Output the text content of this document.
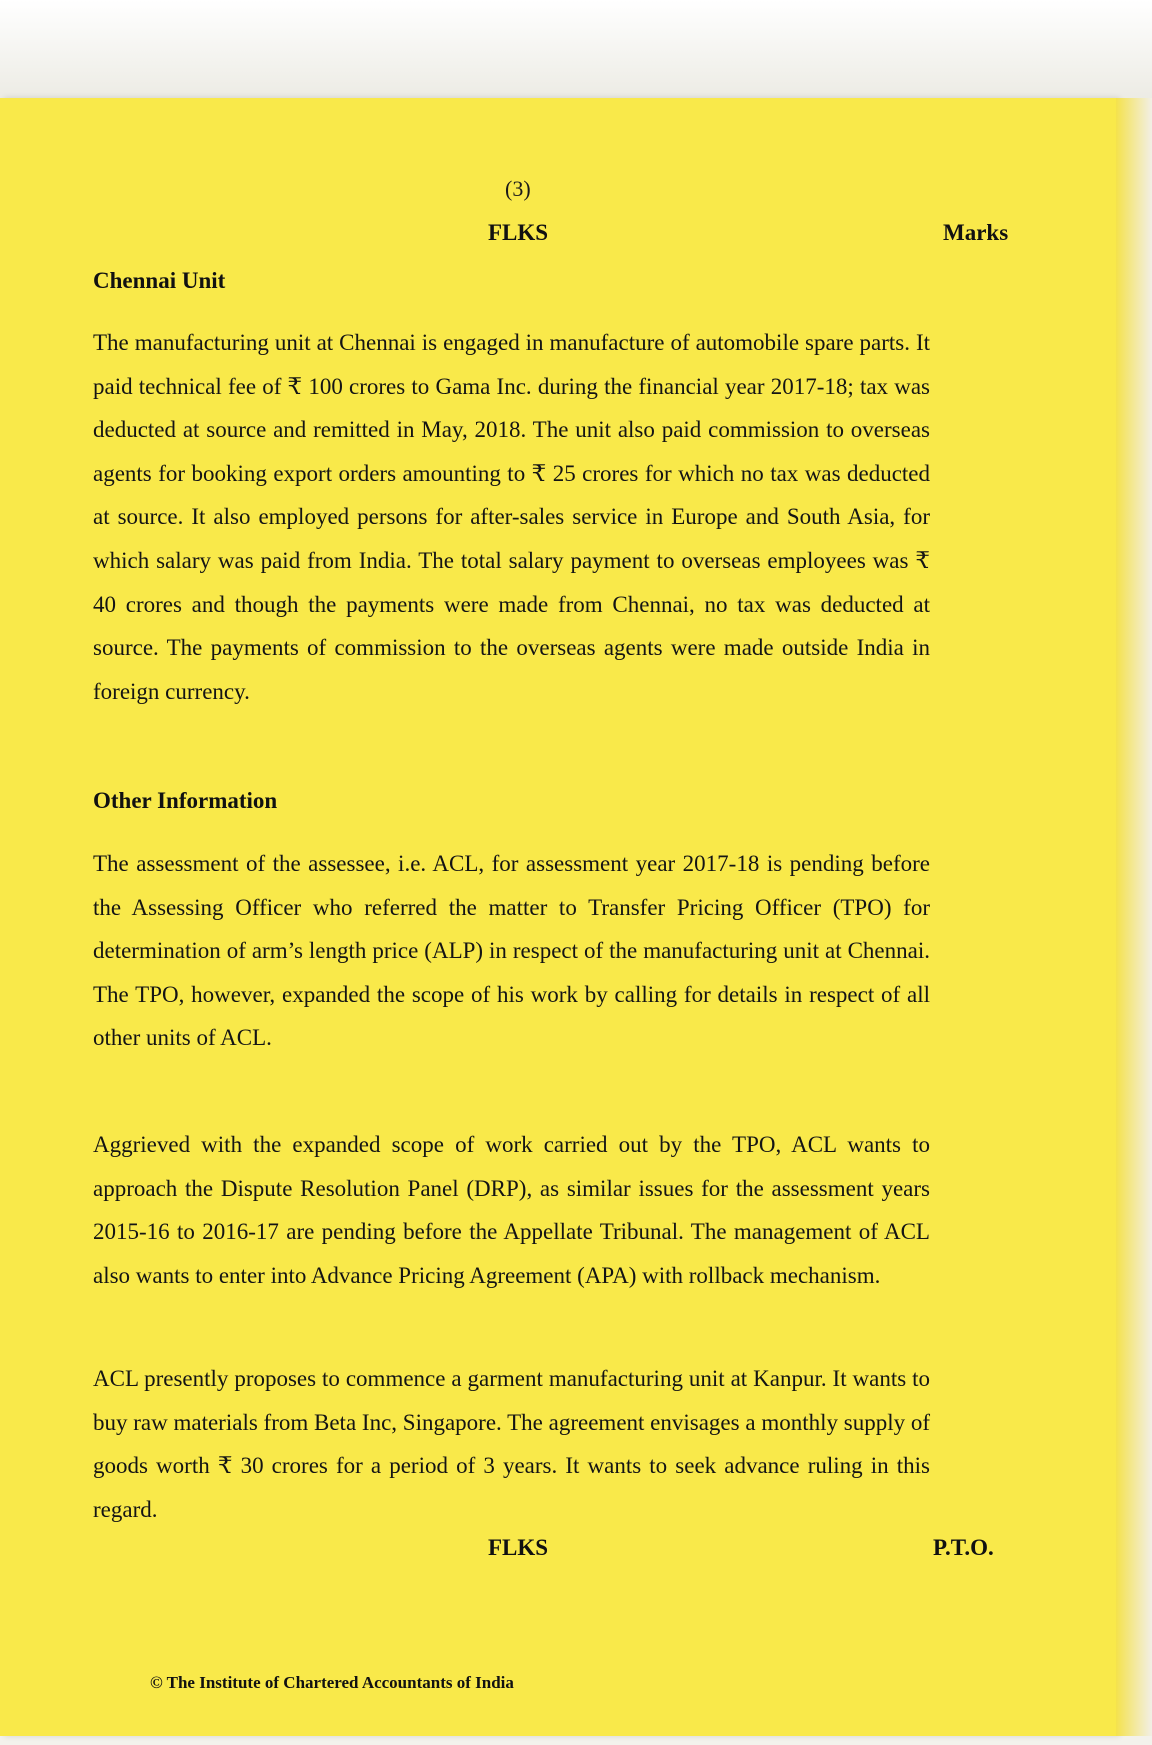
(3)
FLKS	Marks
Chennai Unit
The manufacturing unit at Chennai is engaged in manufacture of automobile spare parts. It paid technical fee of ₹ 100 crores to Gama Inc. during the financial year 2017-18; tax was deducted at source and remitted in May, 2018. The unit also paid commission to overseas agents for booking export orders amounting to ₹ 25 crores for which no tax was deducted at source. It also employed persons for after-sales service in Europe and South Asia, for which salary was paid from India. The total salary payment to overseas employees was ₹ 40 crores and though the payments were made from Chennai, no tax was deducted at source. The payments of commission to the overseas agents were made outside India in foreign currency.
Other Information
The assessment of the assessee, i.e. ACL, for assessment year 2017-18 is pending before the Assessing Officer who referred the matter to Transfer Pricing Officer (TPO) for determination of arm’s length price (ALP) in respect of the manufacturing unit at Chennai. The TPO, however, expanded the scope of his work by calling for details in respect of all other units of ACL.
Aggrieved with the expanded scope of work carried out by the TPO, ACL wants to approach the Dispute Resolution Panel (DRP), as similar issues for the assessment years 2015-16 to 2016-17 are pending before the Appellate Tribunal. The management of ACL also wants to enter into Advance Pricing Agreement (APA) with rollback mechanism.
ACL presently proposes to commence a garment manufacturing unit at Kanpur. It wants to buy raw materials from Beta Inc, Singapore. The agreement envisages a monthly supply of goods worth ₹ 30 crores for a period of 3 years. It wants to seek advance ruling in this regard.
FLKS	P.T.O.
© The Institute of Chartered Accountants of India
